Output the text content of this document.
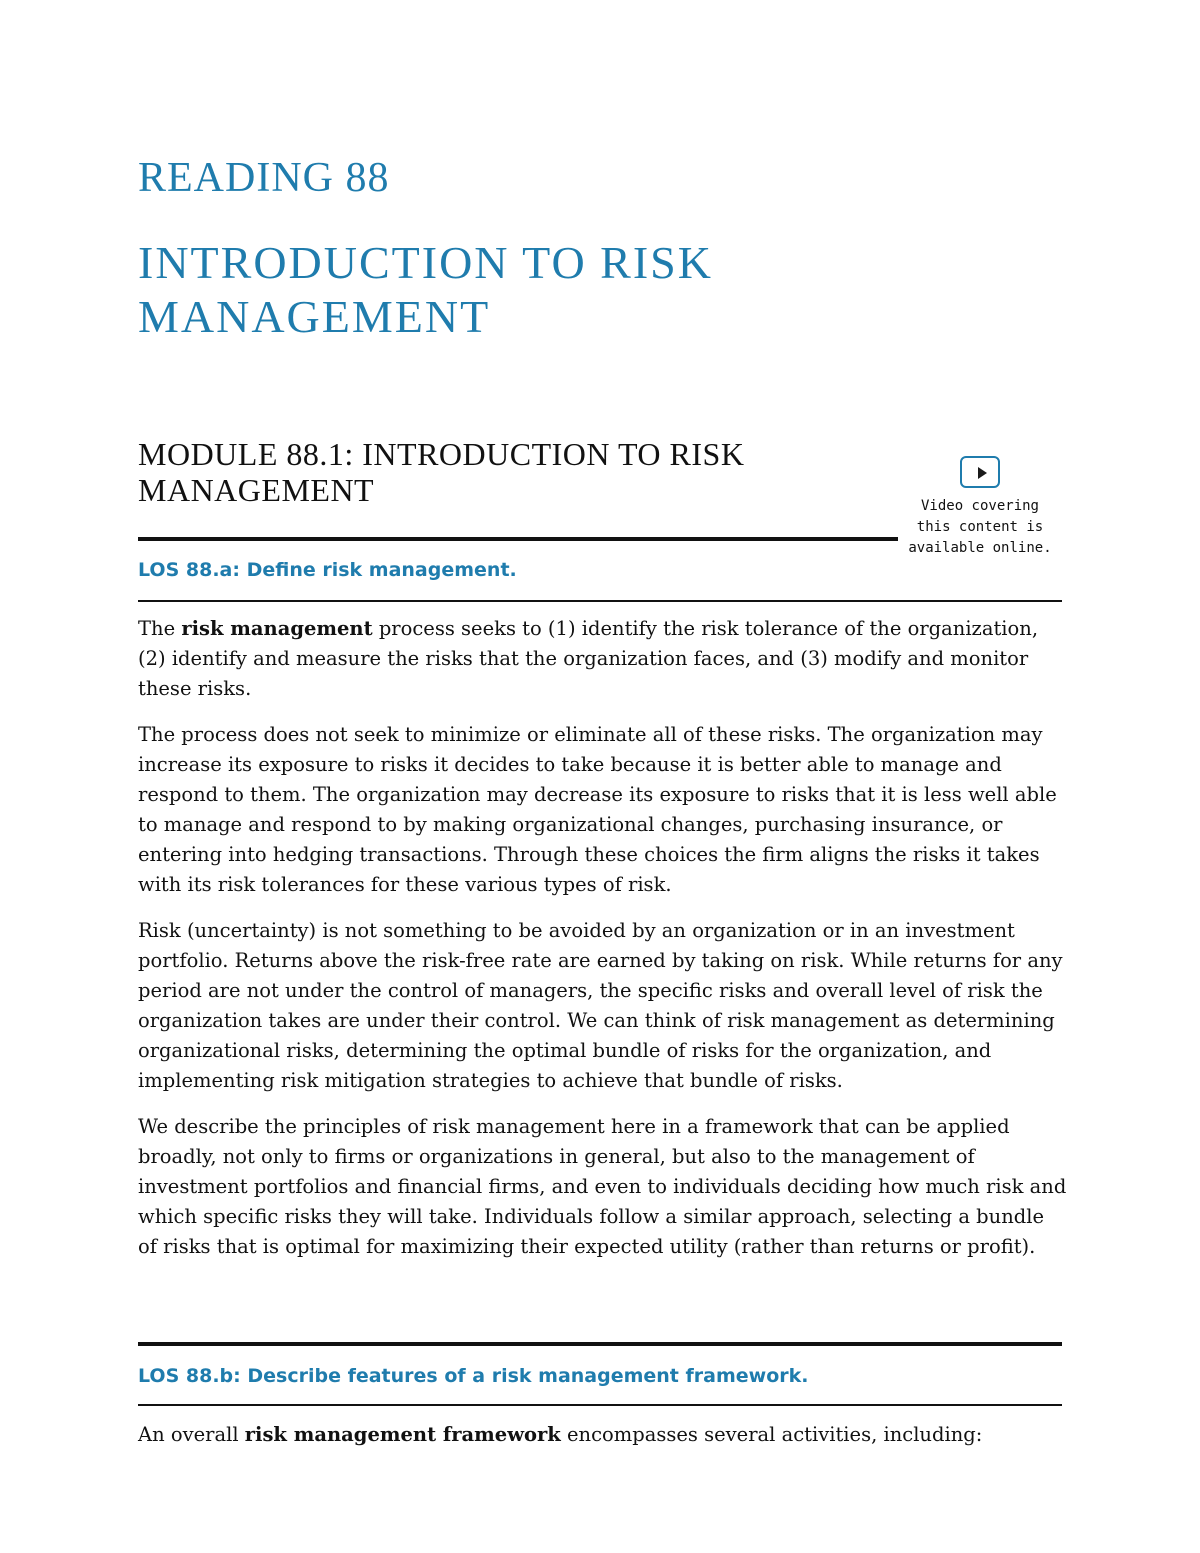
READING 88
INTRODUCTION TO RISK MANAGEMENT
MODULE 88.1: INTRODUCTION TO RISK MANAGEMENT	Video covering this content is available online.
LOS 88.a: Define risk management.

The risk management process seeks to (1) identify the risk tolerance of the organization, (2) identify and measure the risks that the organization faces, and (3) modify and monitor these risks.

The process does not seek to minimize or eliminate all of these risks. The organization may increase its exposure to risks it decides to take because it is better able to manage and respond to them. The organization may decrease its exposure to risks that it is less well able to manage and respond to by making organizational changes, purchasing insurance, or entering into hedging transactions. Through these choices the firm aligns the risks it takes with its risk tolerances for these various types of risk.

Risk (uncertainty) is not something to be avoided by an organization or in an investment portfolio. Returns above the risk-free rate are earned by taking on risk. While returns for any period are not under the control of managers, the specific risks and overall level of risk the organization takes are under their control. We can think of risk management as determining organizational risks, determining the optimal bundle of risks for the organization, and implementing risk mitigation strategies to achieve that bundle of risks.

We describe the principles of risk management here in a framework that can be applied broadly, not only to firms or organizations in general, but also to the management of investment portfolios and financial firms, and even to individuals deciding how much risk and which specific risks they will take. Individuals follow a similar approach, selecting a bundle of risks that is optimal for maximizing their expected utility (rather than returns or profit).

LOS 88.b: Describe features of a risk management framework.

An overall risk management framework encompasses several activities, including:
